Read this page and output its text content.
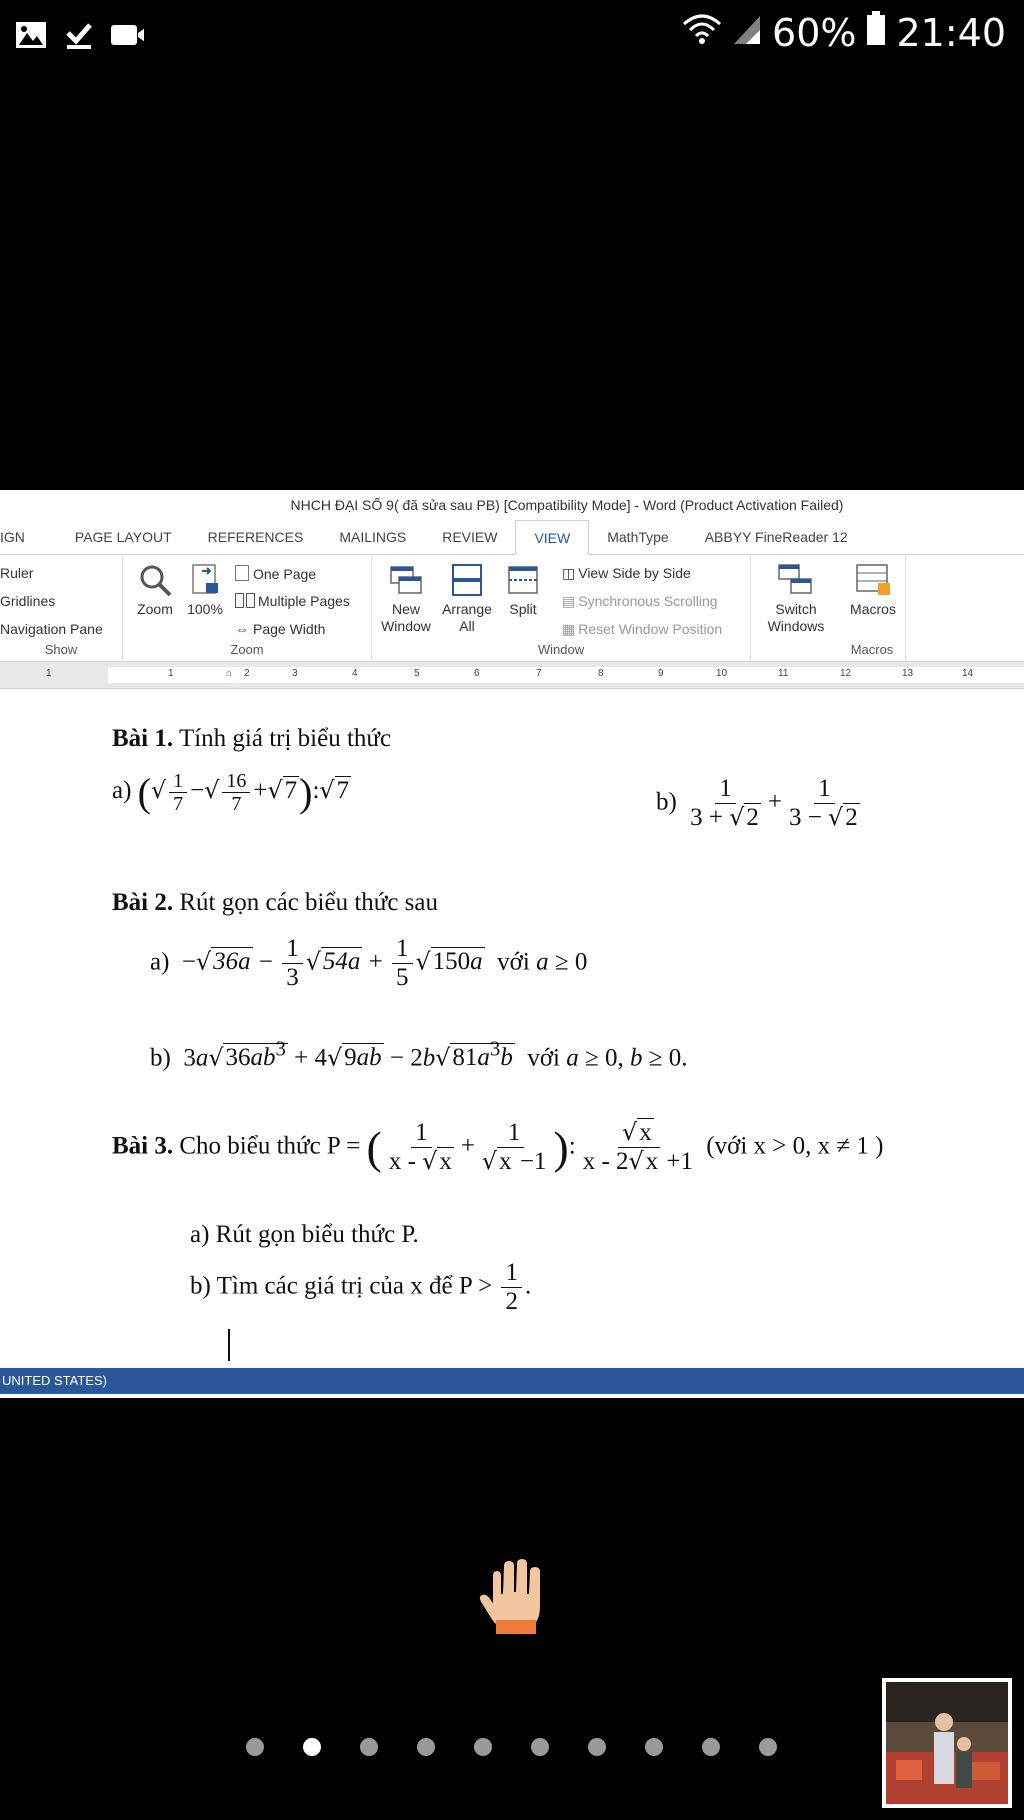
60% 21:40
NHCH ĐẠI SỐ 9( đã sửa sau PB) [Compatibility Mode] - Word (Product Activation Failed)
IGN	PAGE LAYOUT	REFERENCES	MAILINGS	REVIEW	VIEW	MathType	ABBYY FineReader 12
Ruler
Gridlines
Navigation Pane
Show
Zoom	100%
One Page
Multiple Pages
⇔ Page Width
Zoom
New Window
Arrange All
Split
◫ View Side by Side
▤ Synchronous Scrolling
▦ Reset Window Position
Window
Switch Windows
Macros
Macros
1	1	⌂ 2	3	4	5	6	7	8	9	10	11	12	13	14
Bài 1. Tính giá trị biểu thức
a) (√ $\frac{1}{7}$ −√ $\frac{16}{7}$ +√7):√7	$b) \frac{1}{3 + √2} + \frac{1}{3 - √2}$
Bài 2. Rút gọn các biểu thức sau
$a) -√36a - \frac{1}{3} √54a + \frac{1}{5} √150a$ với a ≥ 0
b)  $3a√36ab^3 + 4√9ab - 2b√81a^3b$ với a ≥ 0, b ≥ 0.
Bài 3. Cho biểu thức P = ( $\frac{1}{x - √x} + \frac{1}{√x -1}$ ): $\frac{√x}{x - 2√x +1}$ (với x > 0, x ≠ 1 )
a) Rút gọn biểu thức P.
b) Tìm các giá trị của x để $P > \frac{1}{2}$ .
UNITED STATES)
